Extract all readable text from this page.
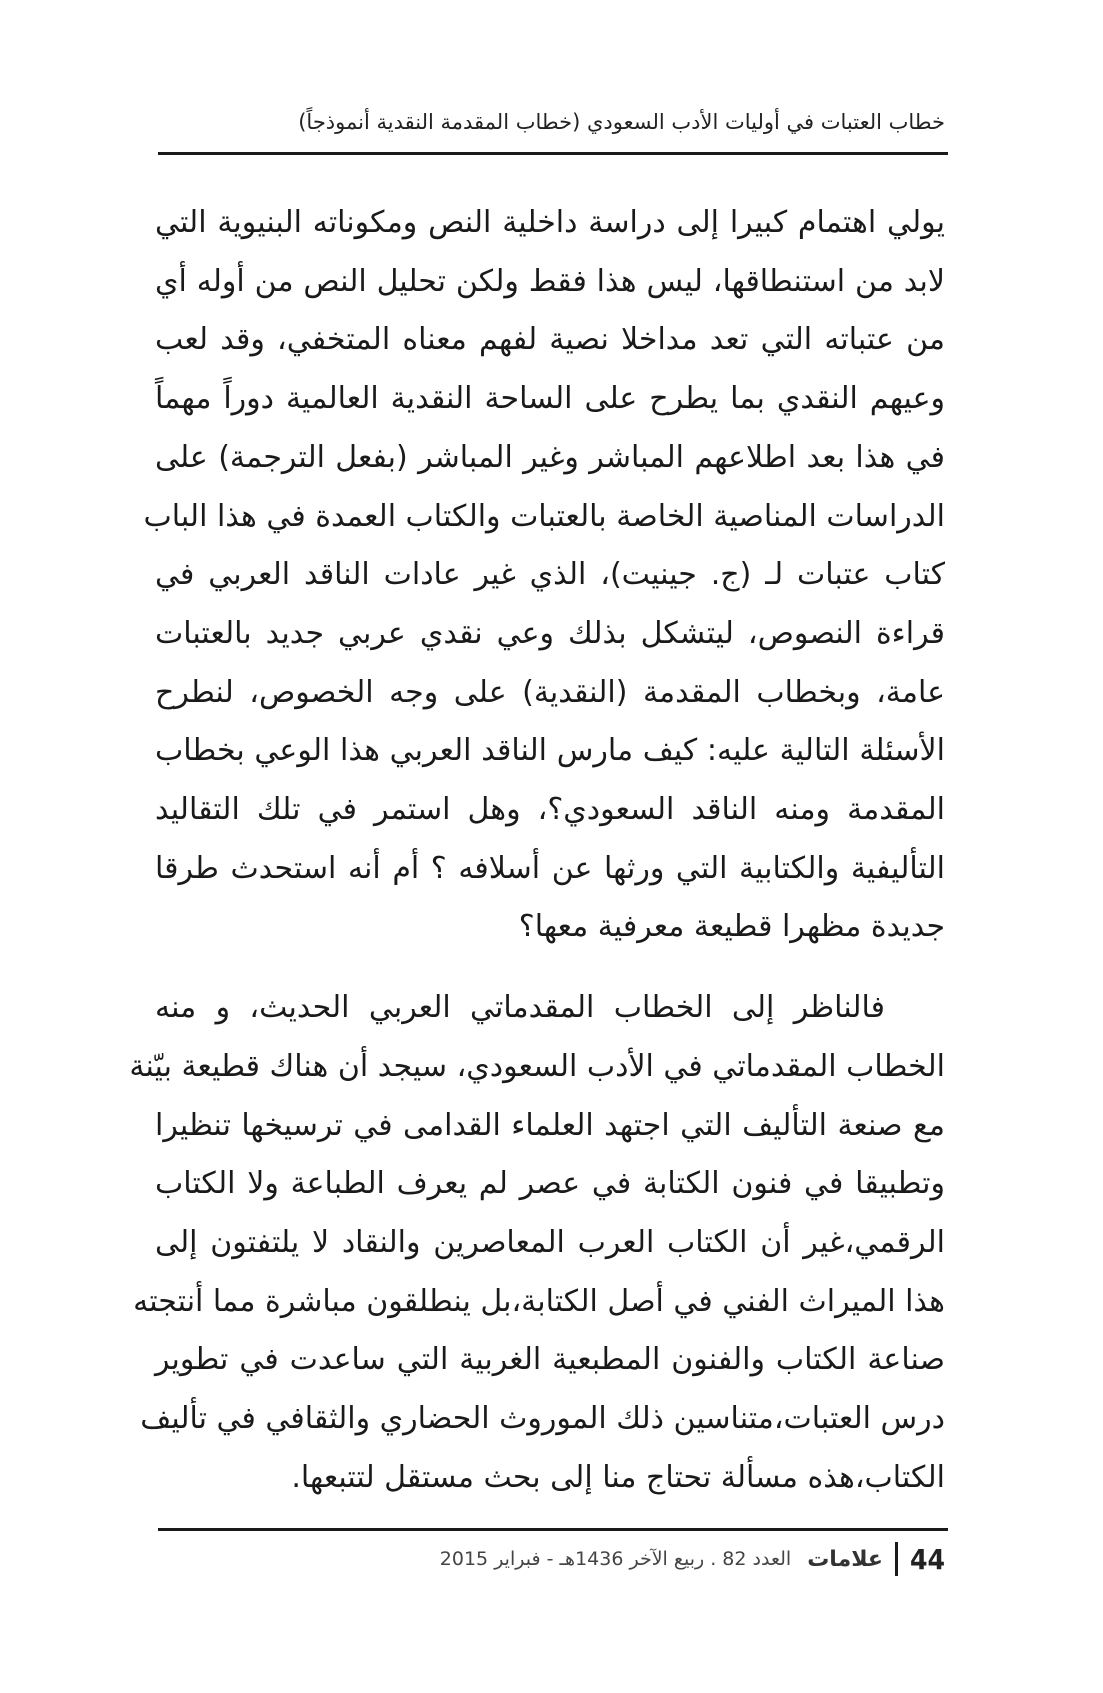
خطاب العتبات في أوليات الأدب السعودي (خطاب المقدمة النقدية أنموذجاً)

يولي اهتمام كبيرا إلى دراسة داخلية النص ومكوناته البنيوية التي
لابد من استنطاقها، ليس هذا فقط ولكن تحليل النص من أوله أي
من عتباته التي تعد مداخلا نصية لفهم معناه المتخفي، وقد لعب
وعيهم النقدي بما يطرح على الساحة النقدية العالمية دوراً مهماً
في هذا بعد اطلاعهم المباشر وغير المباشر (بفعل الترجمة) على
الدراسات المناصية الخاصة بالعتبات والكتاب العمدة في هذا الباب
كتاب عتبات لـ (ج. جينيت)، الذي غير عادات الناقد العربي في
قراءة النصوص، ليتشكل بذلك وعي نقدي عربي جديد بالعتبات
عامة، وبخطاب المقدمة (النقدية) على وجه الخصوص، لنطرح
الأسئلة التالية عليه: كيف مارس الناقد العربي هذا الوعي بخطاب
المقدمة ومنه الناقد السعودي؟، وهل استمر في تلك التقاليد
التأليفية والكتابية التي ورثها عن أسلافه ؟ أم أنه استحدث طرقا
جديدة مظهرا قطيعة معرفية معها؟

فالناظر إلى الخطاب المقدماتي العربي الحديث، و منه
الخطاب المقدماتي في الأدب السعودي، سيجد أن هناك قطيعة بيّنة
مع صنعة التأليف التي اجتهد العلماء القدامى في ترسيخها تنظيرا
وتطبيقا في فنون الكتابة في عصر لم يعرف الطباعة ولا الكتاب
الرقمي،غير أن الكتاب العرب المعاصرين والنقاد لا يلتفتون إلى
هذا الميراث الفني في أصل الكتابة،بل ينطلقون مباشرة مما أنتجته
صناعة الكتاب والفنون المطبعية الغربية التي ساعدت في تطوير
درس العتبات،متناسين ذلك الموروث الحضاري والثقافي في تأليف
الكتاب،هذه مسألة تحتاج منا إلى بحث مستقل لتتبعها.

44
علامات
العدد 82 . ربيع الآخر 1436هـ - فبراير 2015
